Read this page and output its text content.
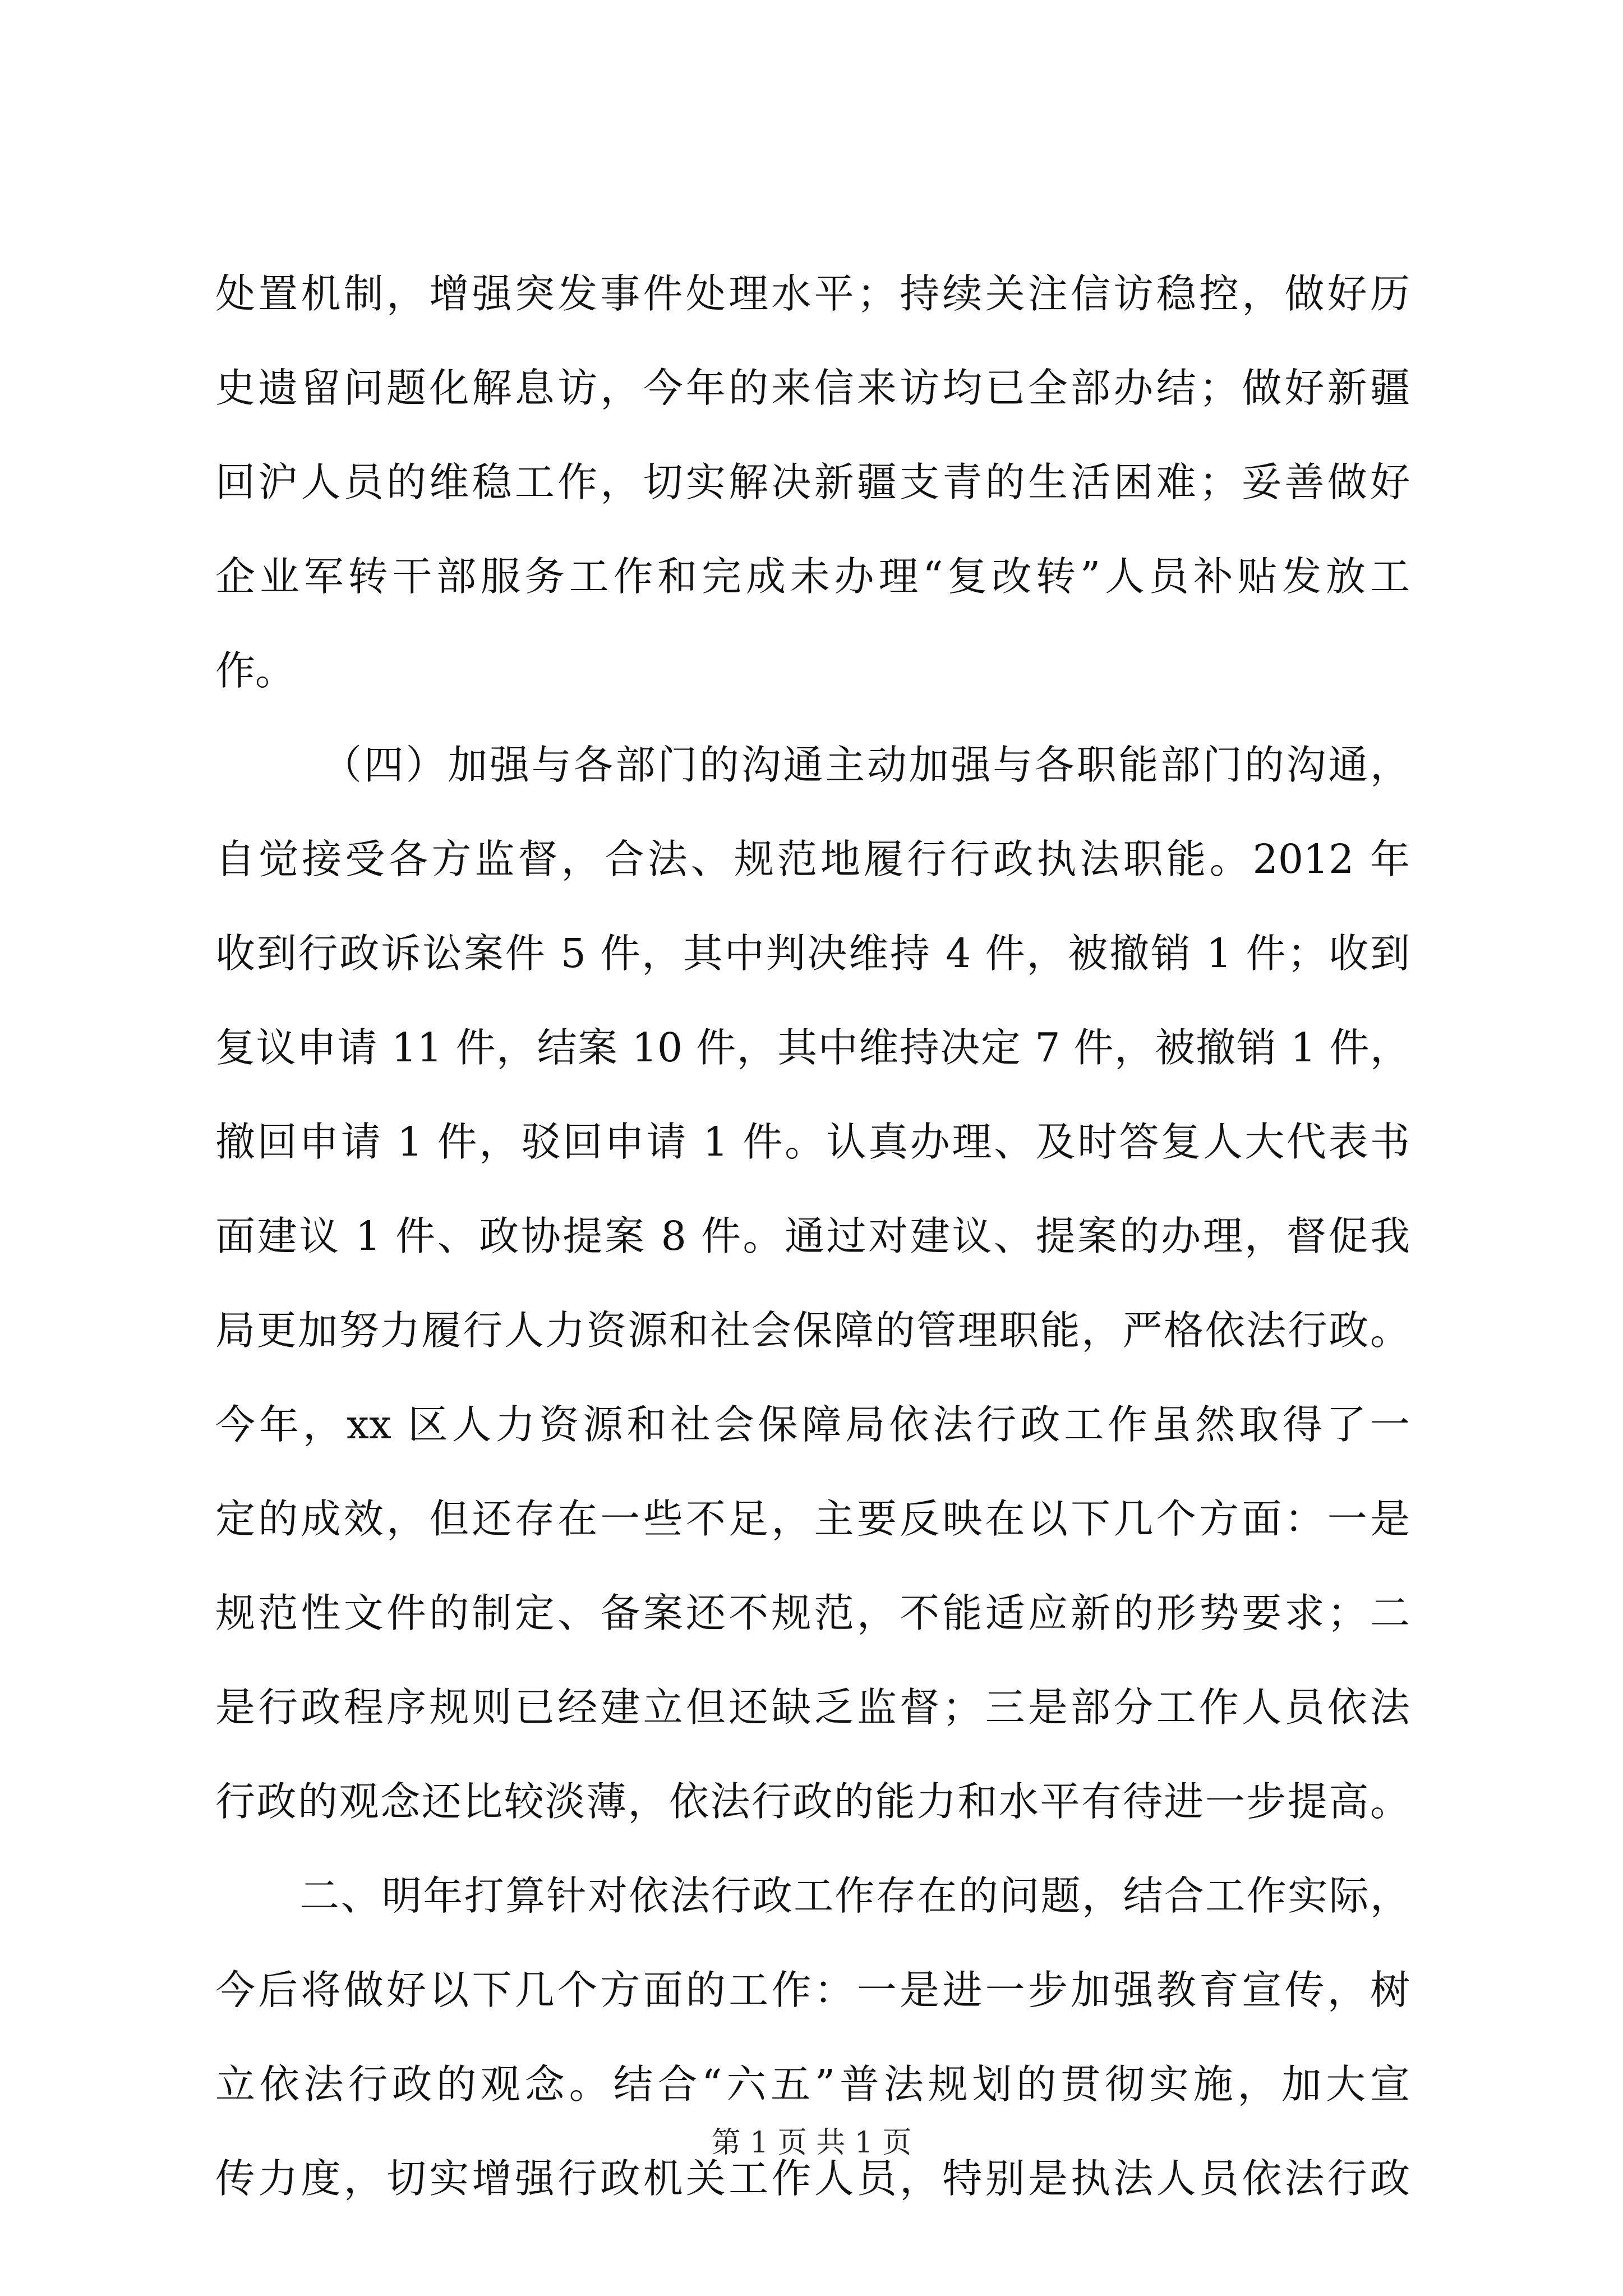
处置机制，增强突发事件处理水平；持续关注信访稳控，做好历
史遗留问题化解息访，今年的来信来访均已全部办结；做好新疆
回沪人员的维稳工作，切实解决新疆支青的生活困难；妥善做好
企业军转干部服务工作和完成未办理“复改转”人员补贴发放工
作。
（四）加强与各部门的沟通主动加强与各职能部门的沟通，
自觉接受各方监督，合法、规范地履行行政执法职能。2012 年
收到行政诉讼案件 5 件，其中判决维持 4 件，被撤销 1 件；收到
复议申请 11 件，结案 10 件，其中维持决定 7 件，被撤销 1 件，
撤回申请 1 件，驳回申请 1 件。认真办理、及时答复人大代表书
面建议 1 件、政协提案 8 件。通过对建议、提案的办理，督促我
局更加努力履行人力资源和社会保障的管理职能，严格依法行政。
今年，xx 区人力资源和社会保障局依法行政工作虽然取得了一
定的成效，但还存在一些不足，主要反映在以下几个方面：一是
规范性文件的制定、备案还不规范，不能适应新的形势要求；二
是行政程序规则已经建立但还缺乏监督；三是部分工作人员依法
行政的观念还比较淡薄，依法行政的能力和水平有待进一步提高。
二、明年打算针对依法行政工作存在的问题，结合工作实际，
今后将做好以下几个方面的工作：一是进一步加强教育宣传，树
立依法行政的观念。结合“六五”普法规划的贯彻实施，加大宣
传力度，切实增强行政机关工作人员，特别是执法人员依法行政
第 1 页 共 1 页
